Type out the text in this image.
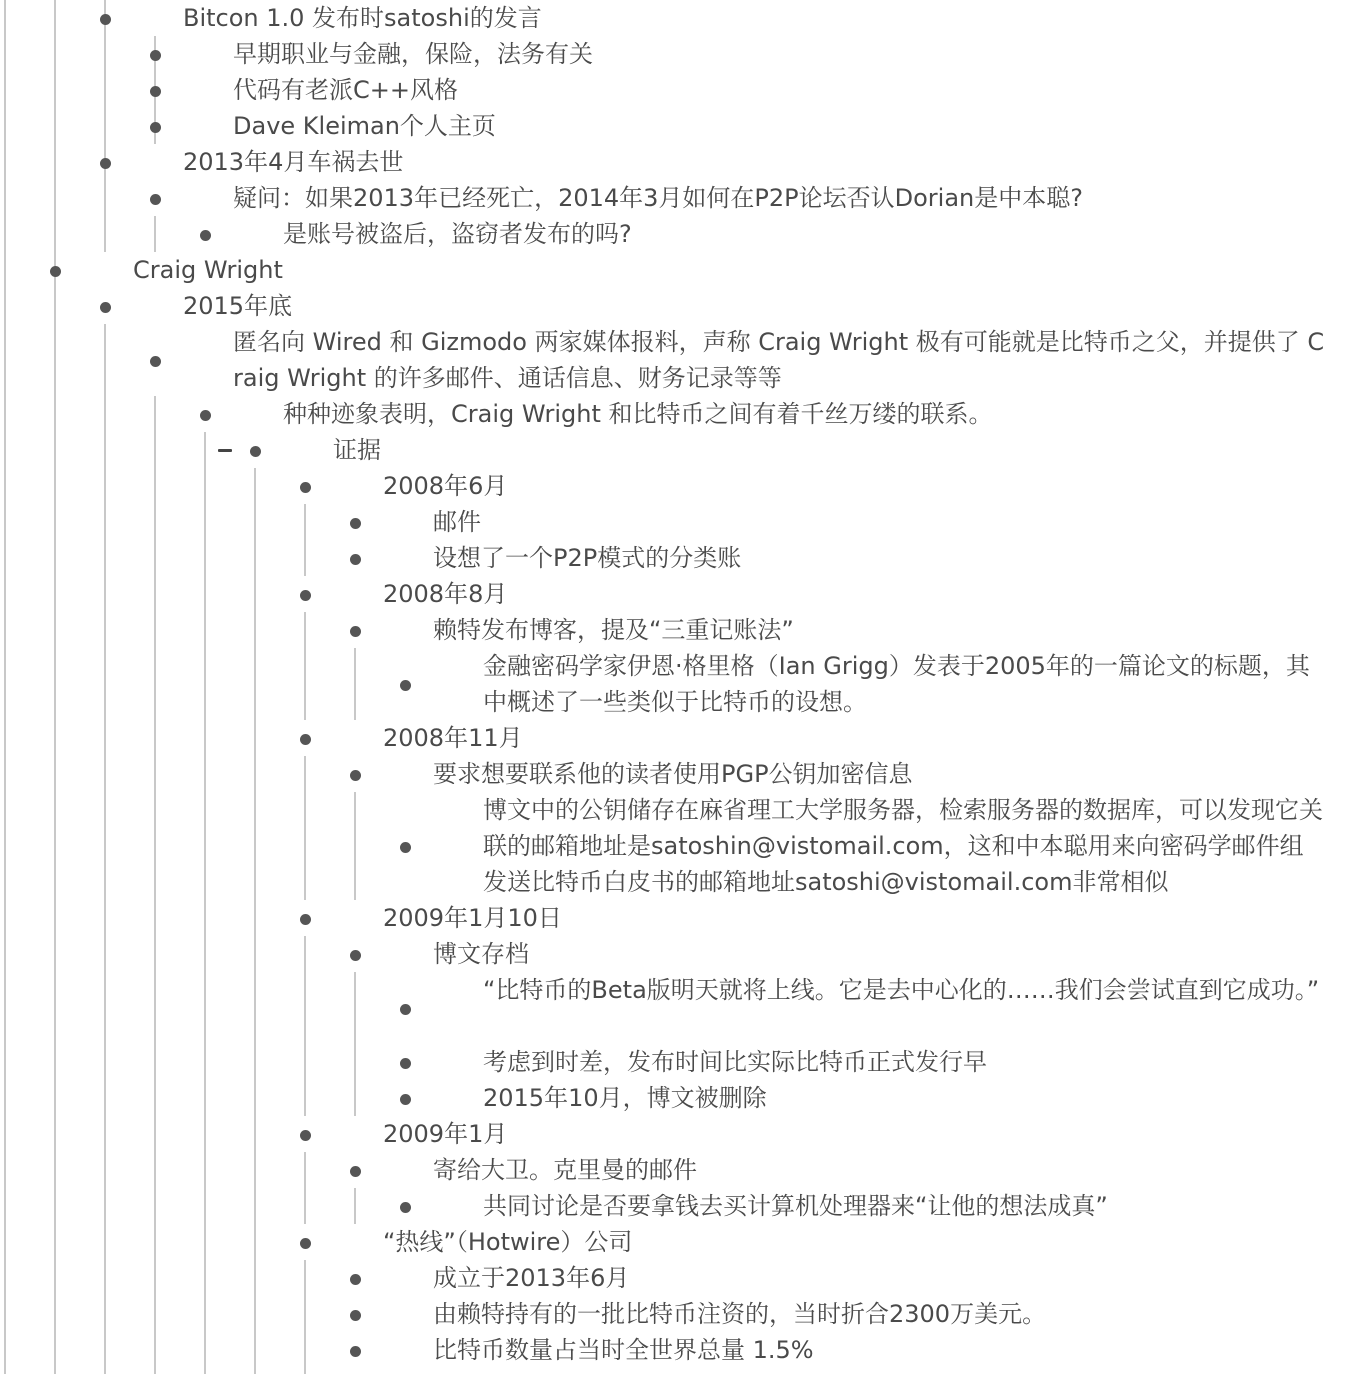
Bitcon 1.0 发布时satoshi的发言
早期职业与金融，保险，法务有关
代码有老派C++风格
Dave Kleiman个人主页
2013年4月车祸去世
疑问：如果2013年已经死亡，2014年3月如何在P2P论坛否认Dorian是中本聪?
是账号被盗后，盗窃者发布的吗?
Craig Wright
2015年底
匿名向 Wired 和 Gizmodo 两家媒体报料，声称 Craig Wright 极有可能就是比特币之父，并提供了 Craig Wright 的许多邮件、通话信息、财务记录等等
种种迹象表明，Craig Wright 和比特币之间有着千丝万缕的联系。
证据
2008年6月
邮件
设想了一个P2P模式的分类账
2008年8月
赖特发布博客，提及“三重记账法”
金融密码学家伊恩·格里格（Ian Grigg）发表于2005年的一篇论文的标题，其中概述了一些类似于比特币的设想。
2008年11月
要求想要联系他的读者使用PGP公钥加密信息
博文中的公钥储存在麻省理工大学服务器，检索服务器的数据库，可以发现它关联的邮箱地址是satoshin@vistomail.com，这和中本聪用来向密码学邮件组发送比特币白皮书的邮箱地址satoshi@vistomail.com非常相似
2009年1月10日
博文存档
“比特币的Beta版明天就将上线。它是去中心化的……我们会尝试直到它成功。”
考虑到时差，发布时间比实际比特币正式发行早
2015年10月，博文被删除
2009年1月
寄给大卫。克里曼的邮件
共同讨论是否要拿钱去买计算机处理器来“让他的想法成真”
“热线”（Hotwire）公司
成立于2013年6月
由赖特持有的一批比特币注资的，当时折合2300万美元。
比特币数量占当时全世界总量 1.5%
